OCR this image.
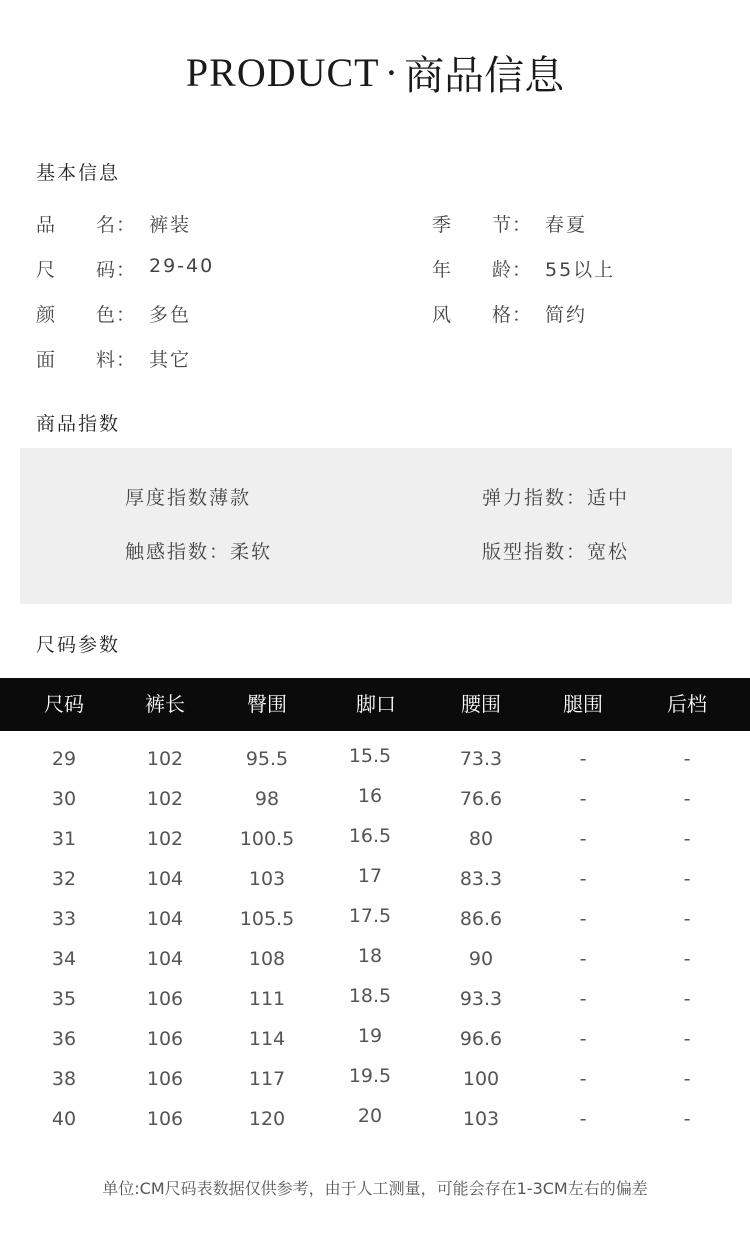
PRODUCT · 商品信息
基本信息
品 名 ： 裤装
尺 码 ： 29-40
颜 色 ： 多色
面 料 ： 其它
季 节 ： 春夏
年 龄 ： 55以上
风 格 ： 简约
商品指数
厚度指数薄款	弹力指数：适中
触感指数：柔软	版型指数：宽松
尺码参数
尺码	裤长	臀围	脚口	腰围	腿围	后档
29	102	95.5	15.5	73.3	-	-
30	102	98	16	76.6	-	-
31	102	100.5	16.5	80	-	-
32	104	103	17	83.3	-	-
33	104	105.5	17.5	86.6	-	-
34	104	108	18	90	-	-
35	106	111	18.5	93.3	-	-
36	106	114	19	96.6	-	-
38	106	117	19.5	100	-	-
40	106	120	20	103	-	-
单位:CM尺码表数据仅供参考，由于人工测量，可能会存在1-3CM左右的偏差
